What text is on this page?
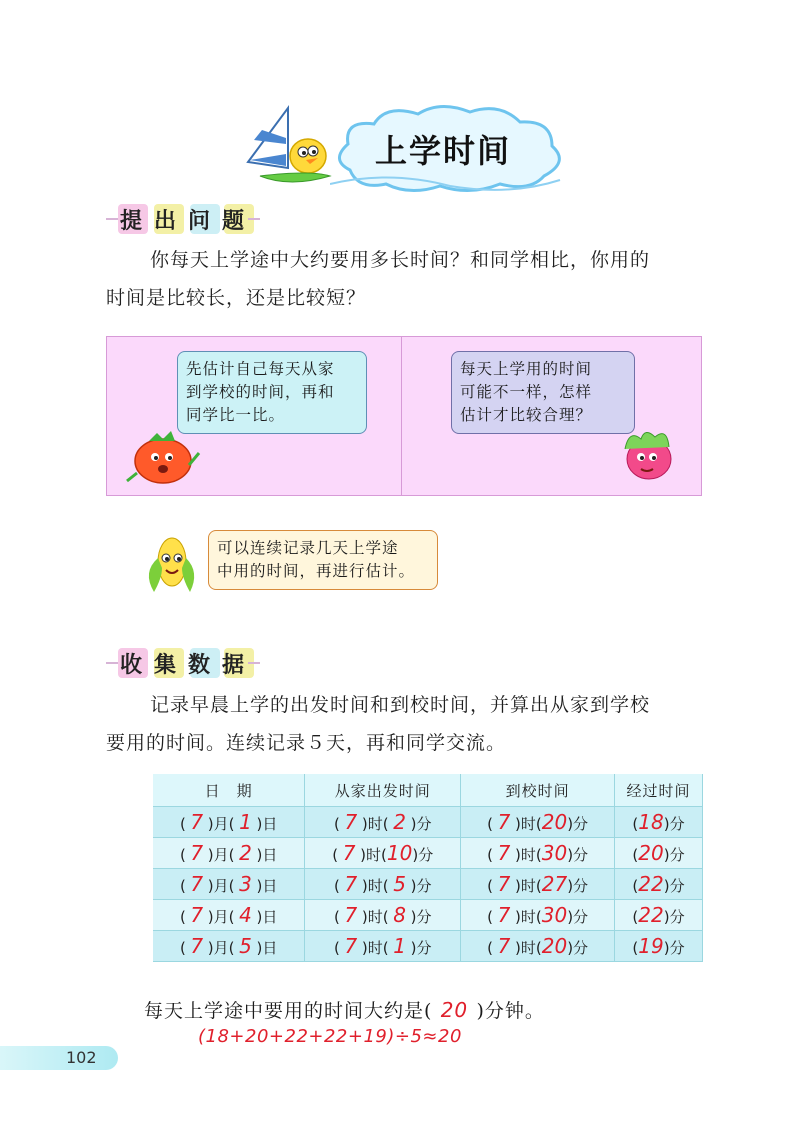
上学时间
提出问题
你每天上学途中大约要用多长时间？和同学相比，你用的
时间是比较长，还是比较短？
先估计自己每天从家
到学校的时间，再和
同学比一比。
每天上学用的时间
可能不一样，怎样
估计才比较合理？
可以连续记录几天上学途
中用的时间，再进行估计。
收集数据
记录早晨上学的出发时间和到校时间，并算出从家到学校
要用的时间。连续记录５天，再和同学交流。
日　期	从家出发时间	到校时间	经过时间
( 7 )月( 1 )日	( 7 )时( 2 )分	( 7 )时(20)分	(18)分
( 7 )月( 2 )日	( 7 )时(10)分	( 7 )时(30)分	(20)分
( 7 )月( 3 )日	( 7 )时( 5 )分	( 7 )时(27)分	(22)分
( 7 )月( 4 )日	( 7 )时( 8 )分	( 7 )时(30)分	(22)分
( 7 )月( 5 )日	( 7 )时( 1 )分	( 7 )时(20)分	(19)分
每天上学途中要用的时间大约是( 20 )分钟。
(18+20+22+22+19)÷5≈20
102
